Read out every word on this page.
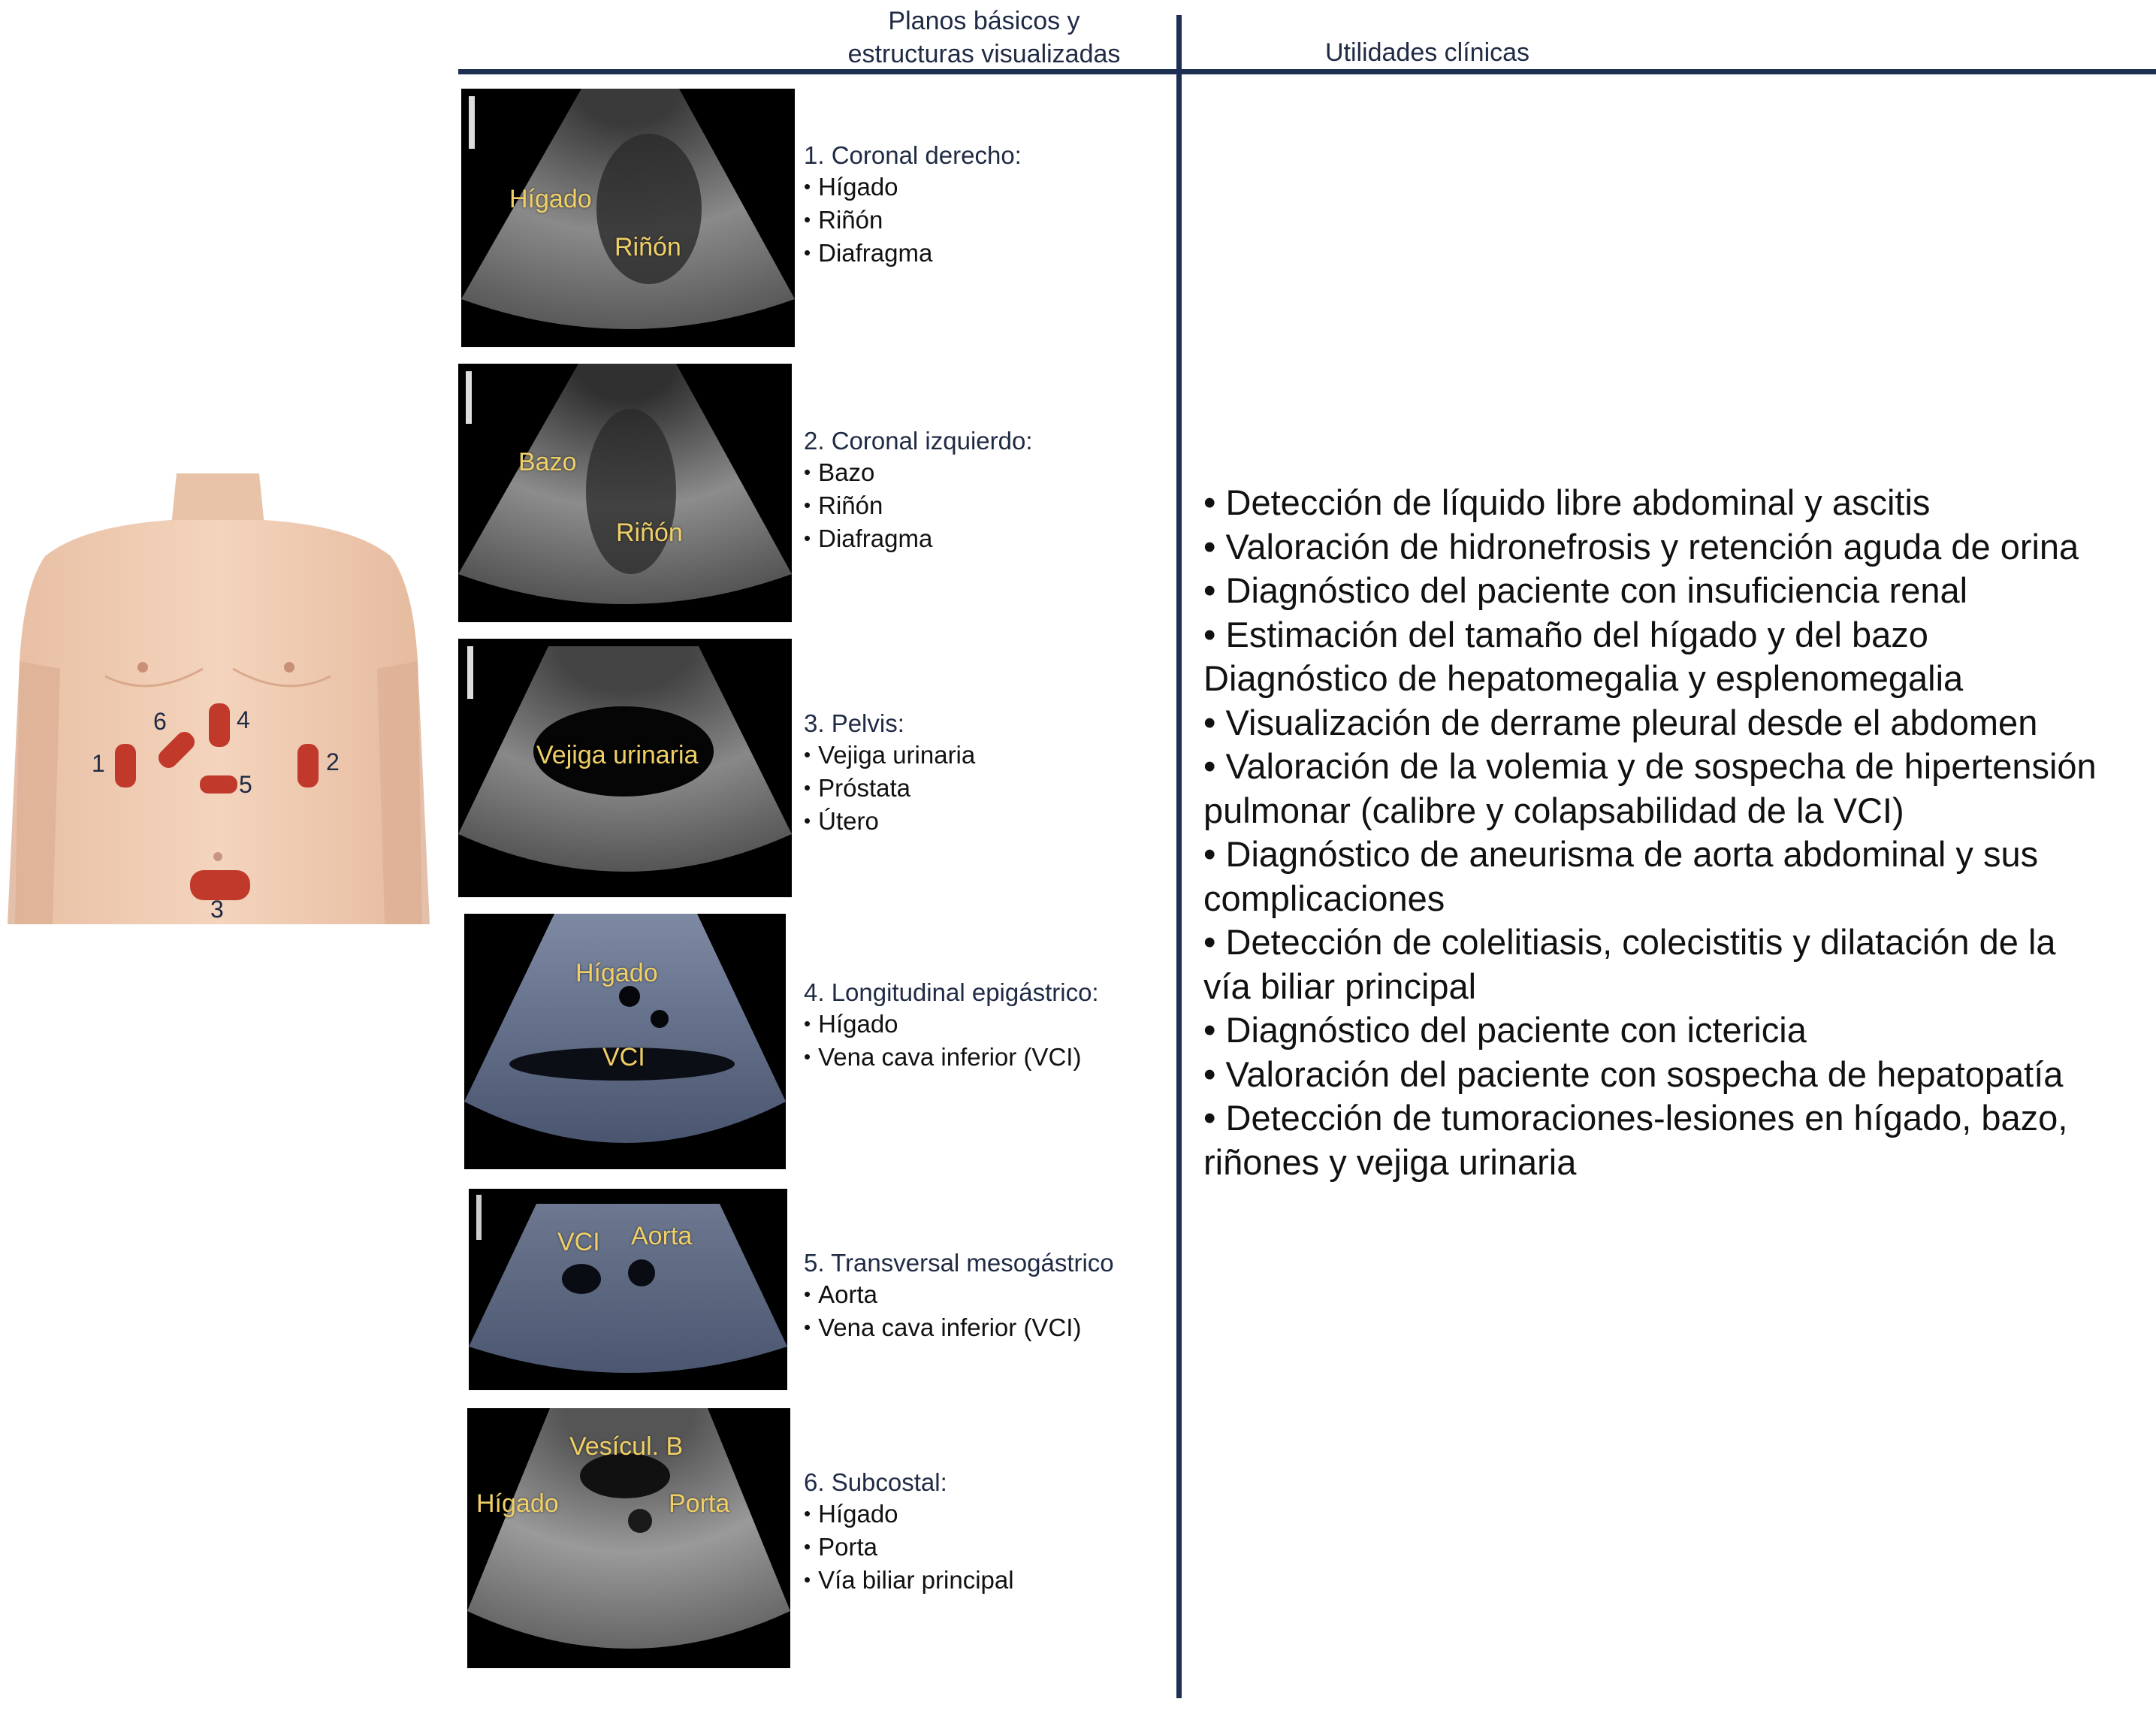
Planos básicos y
estructuras visualizadas	Utilidades clínicas
1	2
3
4
5
6
Hígado
Riñón
Bazo
Riñón
Vejiga urinaria
Hígado
VCI
VCI Aorta
Vesícul. B
Hígado	Porta
1. Coronal derecho:
• Hígado
• Riñón
• Diafragma
2. Coronal izquierdo:
• Bazo
• Riñón
• Diafragma
3. Pelvis:
• Vejiga urinaria
• Próstata
• Útero
4. Longitudinal epigástrico:
• Hígado
• Vena cava inferior (VCI)
5. Transversal mesogástrico
• Aorta
• Vena cava inferior (VCI)
6. Subcostal:
• Hígado
• Porta
• Vía biliar principal
• Detección de líquido libre abdominal y ascitis
• Valoración de hidronefrosis y retención aguda de orina
• Diagnóstico del paciente con insuficiencia renal
• Estimación del tamaño del hígado y del bazo
Diagnóstico de hepatomegalia y esplenomegalia
• Visualización de derrame pleural desde el abdomen
• Valoración de la volemia y de sospecha de hipertensión
pulmonar (calibre y colapsabilidad de la VCI)
• Diagnóstico de aneurisma de aorta abdominal y sus
complicaciones
• Detección de colelitiasis, colecistitis y dilatación de la
vía biliar principal
• Diagnóstico del paciente con ictericia
• Valoración del paciente con sospecha de hepatopatía
• Detección de tumoraciones-lesiones en hígado, bazo,
riñones y vejiga urinaria
